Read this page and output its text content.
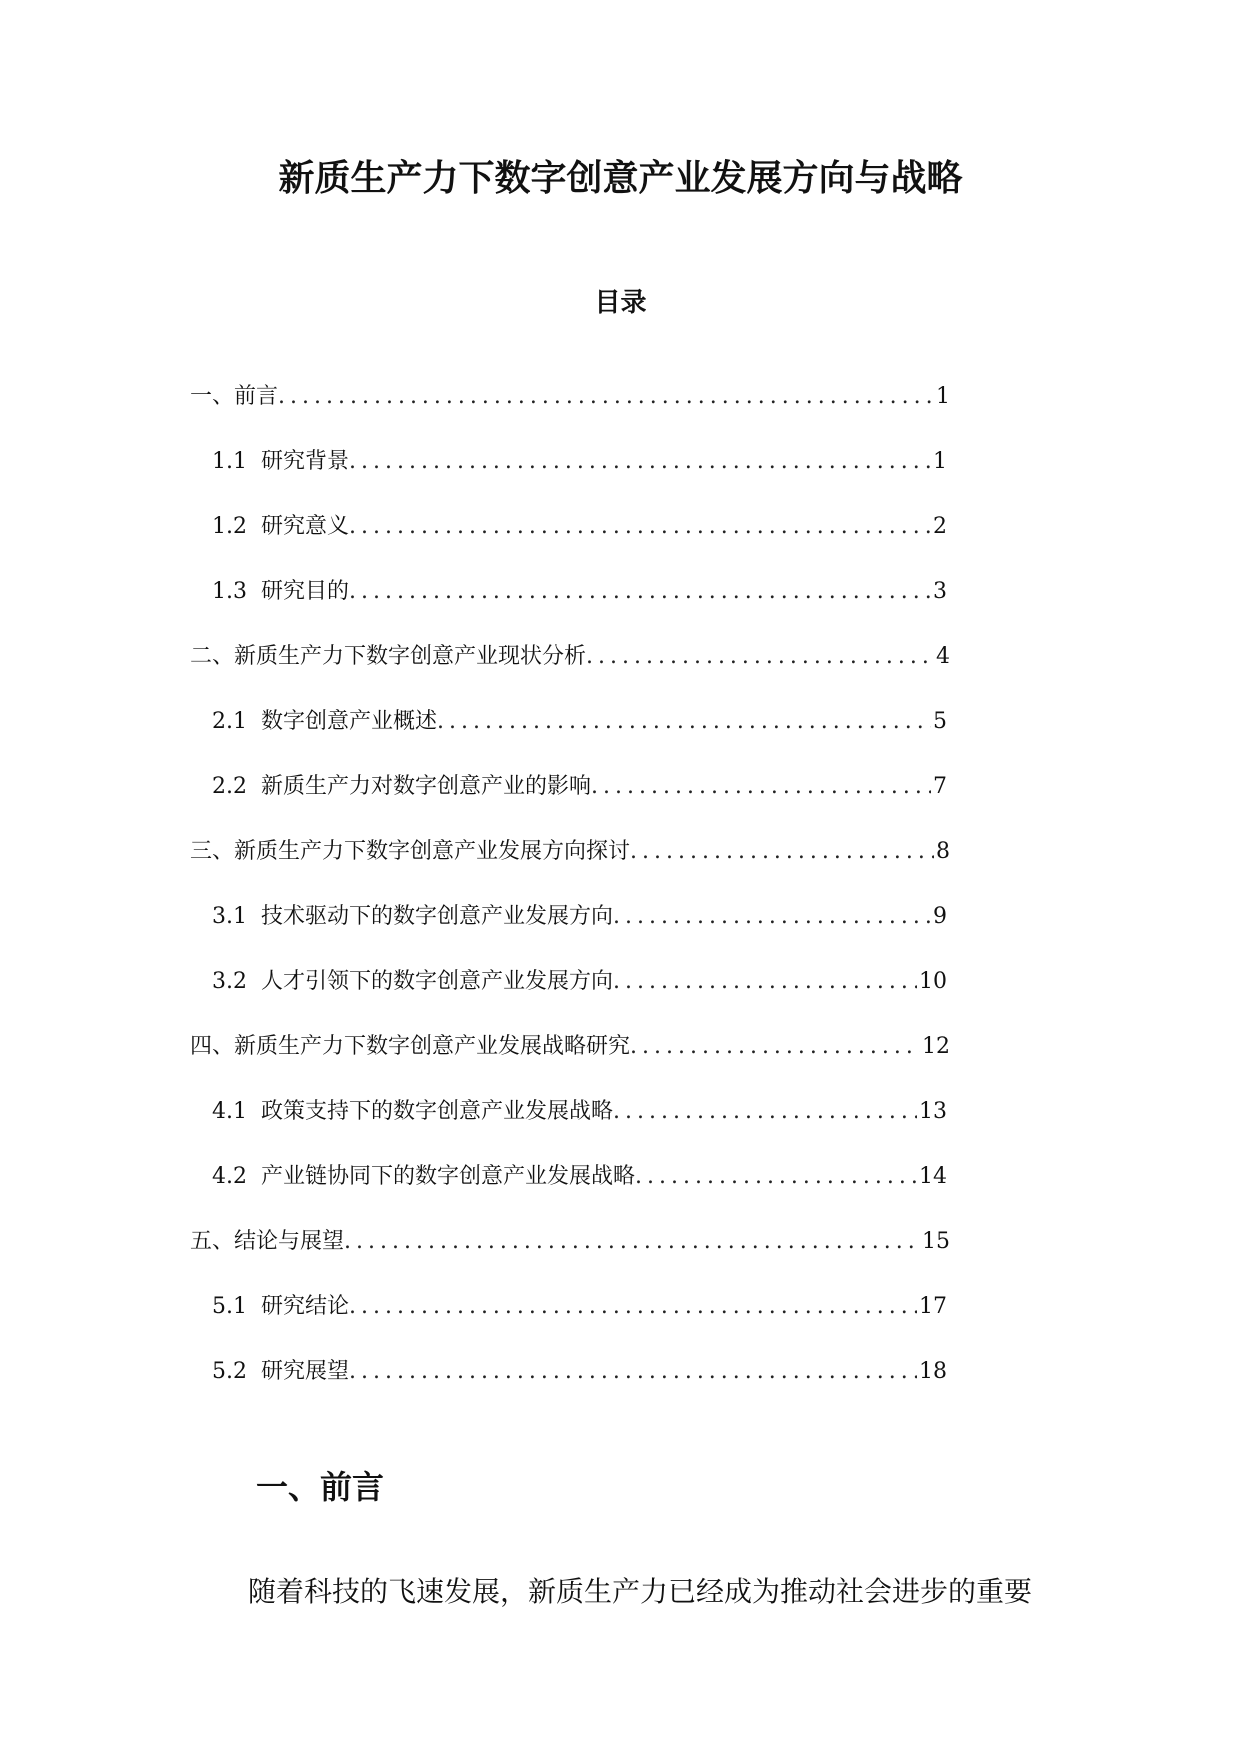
新质生产力下数字创意产业发展方向与战略
目录
一、前言 .....	1
1.1 研究背景 .....	1
1.2 研究意义 .....	2
1.3 研究目的 .....	3
二、新质生产力下数字创意产业现状分析 .....	4
2.1 数字创意产业概述 .....	5
2.2 新质生产力对数字创意产业的影响 .....	7
三、新质生产力下数字创意产业发展方向探讨 .....	8
3.1 技术驱动下的数字创意产业发展方向 .....	9
3.2 人才引领下的数字创意产业发展方向 .....	10
四、新质生产力下数字创意产业发展战略研究 .....	12
4.1 政策支持下的数字创意产业发展战略 .....	13
4.2 产业链协同下的数字创意产业发展战略 .....	14
五、结论与展望 .....	15
5.1 研究结论 .....	17
5.2 研究展望 .....	18
一、前言
随着科技的飞速发展，新质生产力已经成为推动社会进步的重要
